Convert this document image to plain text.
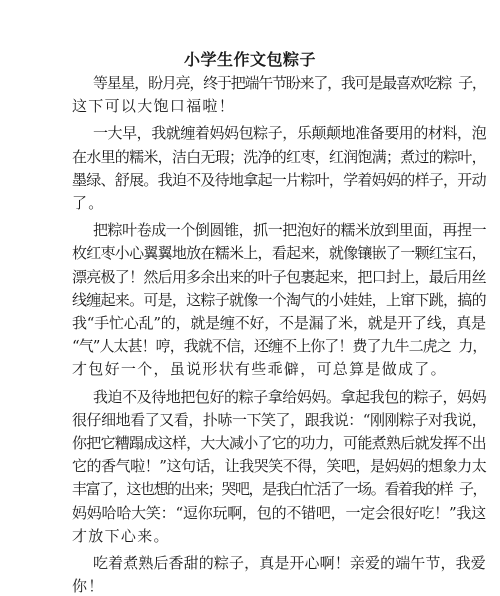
小学生作文包粽子
等星星，盼月亮，终于把端午节盼来了，我可是最喜欢吃粽  子，
这下可以大饱口福啦！
一大早，我就缠着妈妈包粽子，乐颠颠地准备要用的材料，泡
在水里的糯米，洁白无瑕；洗净的红枣，红润饱满；煮过的粽叶，
墨绿、舒展。我迫不及待地拿起一片粽叶，学着妈妈的样子，开动
了。
把粽叶卷成一个倒圆锥，抓一把泡好的糯米放到里面，再捏一
枚红枣小心翼翼地放在糯米上，看起来，就像镶嵌了一颗红宝石，
漂亮极了！然后用多余出来的叶子包裹起来，把口封上，最后用丝
线缠起来。可是，这粽子就像一个淘气的小娃娃，上窜下跳，搞的
我“手忙心乱”的，就是缠不好，不是漏了米，就是开了线，真是
“气”人太甚！哼，我就不信，还缠不上你了！费了九牛二虎之  力，
才包好一个，虽说形状有些乖僻，可总算是做成了。
我迫不及待地把包好的粽子拿给妈妈。拿起我包的粽子，妈妈
很仔细地看了又看，扑哧一下笑了，跟我说：“刚刚粽子对我说，
你把它糟蹋成这样，大大减小了它的功力，可能煮熟后就发挥不出
它的香气啦！”这句话，让我哭笑不得，笑吧，是妈妈的想象力太
丰富了，这也想的出来；哭吧，是我白忙活了一场。看着我的样  子，
妈妈哈哈大笑：“逗你玩啊，包的不错吧，一定会很好吃！”我这
才放下心来。
吃着煮熟后香甜的粽子，真是开心啊！亲爱的端午节，我爱
你！
